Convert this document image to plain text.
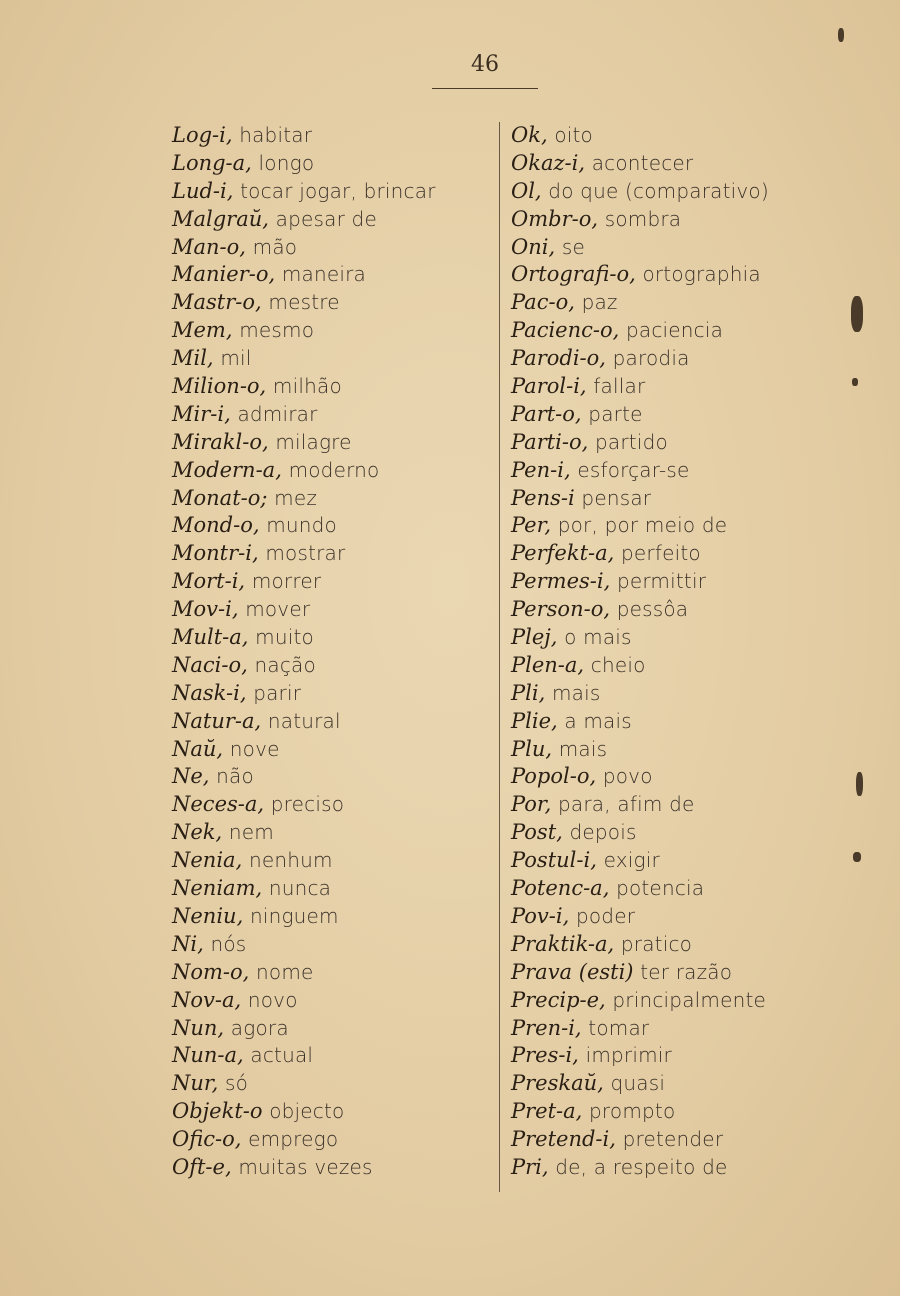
46
Log-i, habitar
Long-a, longo
Lud-i, tocar jogar, brincar
Malgraŭ, apesar de
Man-o, mão
Manier-o, maneira
Mastr-o, mestre
Mem, mesmo
Mil, mil
Milion-o, milhão
Mir-i, admirar
Mirakl-o, milagre
Modern-a, moderno
Monat-o; mez
Mond-o, mundo
Montr-i, mostrar
Mort-i, morrer
Mov-i, mover
Mult-a, muito
Naci-o, nação
Nask-i, parir
Natur-a, natural
Naŭ, nove
Ne, não
Neces-a, preciso
Nek, nem
Nenia, nenhum
Neniam, nunca
Neniu, ninguem
Ni, nós
Nom-o, nome
Nov-a, novo
Nun, agora
Nun-a, actual
Nur, só
Objekt-o objecto
Ofic-o, emprego
Oft-e, muitas vezes
Ok, oito
Okaz-i, acontecer
Ol, do que (comparativo)
Ombr-o, sombra
Oni, se
Ortografi-o, ortographia
Pac-o, paz
Pacienc-o, paciencia
Parodi-o, parodia
Parol-i, fallar
Part-o, parte
Parti-o, partido
Pen-i, esforçar-se
Pens-i pensar
Per, por, por meio de
Perfekt-a, perfeito
Permes-i, permittir
Person-o, pessôa
Plej, o mais
Plen-a, cheio
Pli, mais
Plie, a mais
Plu, mais
Popol-o, povo
Por, para, afim de
Post, depois
Postul-i, exigir
Potenc-a, potencia
Pov-i, poder
Praktik-a, pratico
Prava (esti) ter razão
Precip-e, principalmente
Pren-i, tomar
Pres-i, imprimir
Preskaŭ, quasi
Pret-a, prompto
Pretend-i, pretender
Pri, de, a respeito de
